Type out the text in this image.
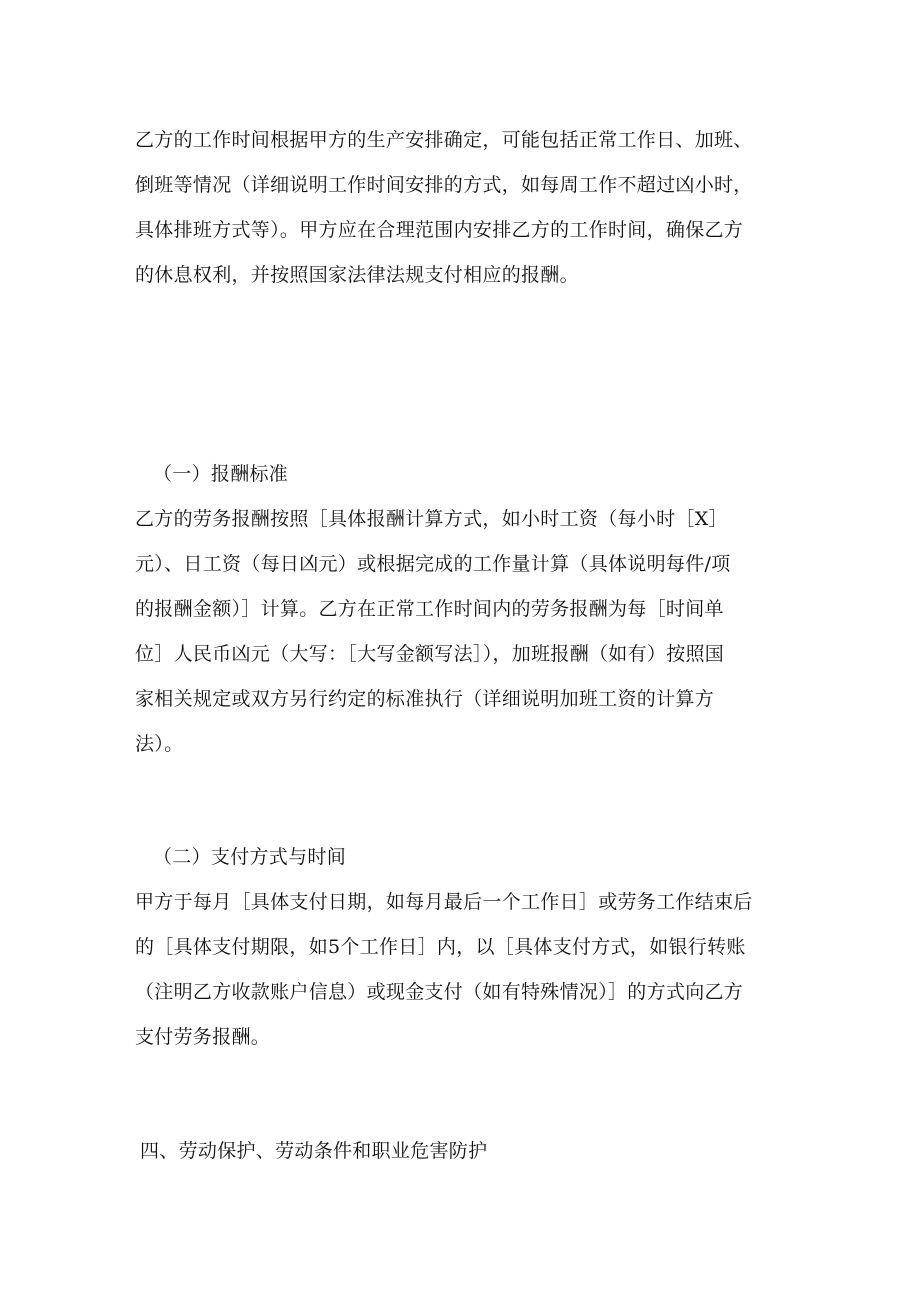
乙方的工作时间根据甲方的生产安排确定，可能包括正常工作日、加班、
倒班等情况（详细说明工作时间安排的方式，如每周工作不超过凶小时，
具体排班方式等）。甲方应在合理范围内安排乙方的工作时间，确保乙方
的休息权利，并按照国家法律法规支付相应的报酬。

（一）报酬标准

乙方的劳务报酬按照［具体报酬计算方式，如小时工资（每小时［X］
元）、日工资（每日凶元）或根据完成的工作量计算（具体说明每件/项
的报酬金额）］计算。乙方在正常工作时间内的劳务报酬为每［时间单
位］人民币凶元（大写：［大写金额写法］），加班报酬（如有）按照国
家相关规定或双方另行约定的标准执行（详细说明加班工资的计算方
法）。

（二）支付方式与时间

甲方于每月［具体支付日期，如每月最后一个工作日］或劳务工作结束后
的［具体支付期限，如5个工作日］内，以［具体支付方式，如银行转账
（注明乙方收款账户信息）或现金支付（如有特殊情况）］的方式向乙方
支付劳务报酬。

四、劳动保护、劳动条件和职业危害防护
